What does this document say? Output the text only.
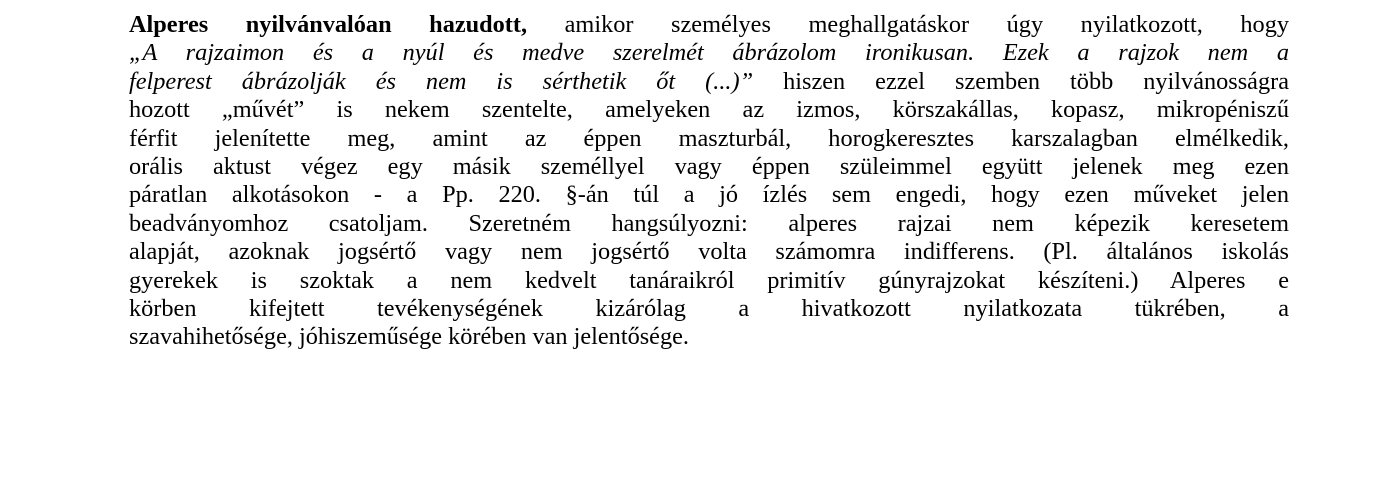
Alperes nyilvánvalóan hazudott, amikor személyes meghallgatáskor úgy nyilatkozott, hogy
„A rajzaimon és a nyúl és medve szerelmét ábrázolom ironikusan. Ezek a rajzok nem a
felperest ábrázolják és nem is sérthetik őt (...)” hiszen ezzel szemben több nyilvánosságra
hozott „művét” is nekem szentelte, amelyeken az izmos, körszakállas, kopasz, mikropéniszű
férfit jelenítette meg, amint az éppen maszturbál, horogkeresztes karszalagban elmélkedik,
orális aktust végez egy másik személlyel vagy éppen szüleimmel együtt jelenek meg ezen
páratlan alkotásokon - a Pp. 220. §-án túl a jó ízlés sem engedi, hogy ezen műveket jelen
beadványomhoz csatoljam. Szeretném hangsúlyozni: alperes rajzai nem képezik keresetem
alapját, azoknak jogsértő vagy nem jogsértő volta számomra indifferens. (Pl. általános iskolás
gyerekek is szoktak a nem kedvelt tanáraikról primitív gúnyrajzokat készíteni.) Alperes e
körben kifejtett tevékenységének kizárólag a hivatkozott nyilatkozata tükrében, a
szavahihetősége, jóhiszeműsége körében van jelentősége.
